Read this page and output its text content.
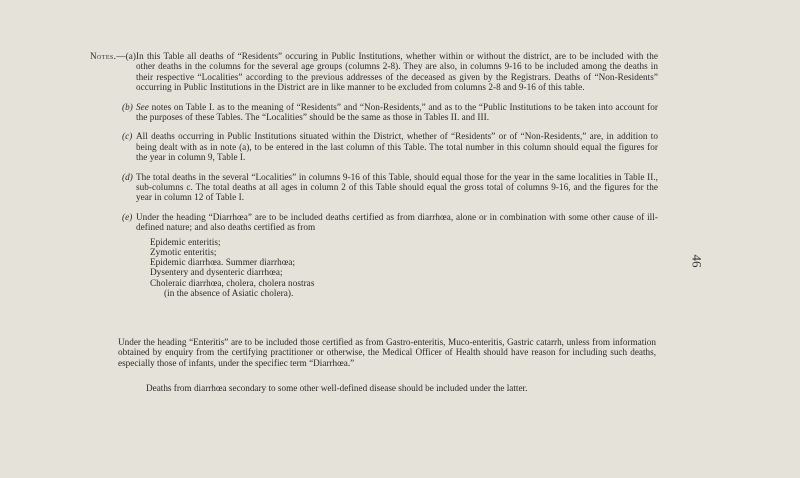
Notes.—(a) In this Table all deaths of “Residents” occuring in Public Institutions, whether within or without the district, are to be included with the other deaths in the columns for the several age groups (columns 2-8). They are also, in columns 9-16 to be included among the deaths in their respective “Localities” according to the previous addresses of the deceased as given by the Registrars. Deaths of “Non-Residents” occurring in Public Institutions in the District are in like manner to be excluded from columns 2-8 and 9-16 of this table.
(b) See notes on Table I. as to the meaning of “Residents” and “Non-Residents,” and as to the “Public Institutions to be taken into account for the purposes of these Tables. The “Localities” should be the same as those in Tables II. and III.
(c) All deaths occurring in Public Institutions situated within the District, whether of “Residents” or of “Non-Residents,” are, in addition to being dealt with as in note (a), to be entered in the last column of this Table. The total number in this column should equal the figures for the year in column 9, Table I.
(d) The total deaths in the several “Localities” in columns 9-16 of this Table, should equal those for the year in the same localities in Table II., sub-columns c. The total deaths at all ages in column 2 of this Table should equal the gross total of columns 9-16, and the figures for the year in column 12 of Table I.
(e) Under the heading “Diarrhœa” are to be included deaths certified as from diarrhœa, alone or in combination with some other cause of ill-defined nature; and also deaths certified as from
Epidemic enteritis;
Zymotic enteritis;
Epidemic diarrhœa. Summer diarrhœa;
Dysentery and dysenteric diarrhœa;
Choleraic diarrhœa, cholera, cholera nostras
(in the absence of Asiatic cholera).
Under the heading “Enteritis” are to be included those certified as from Gastro-enteritis, Muco-enteritis, Gastric catarrh, unless from information obtained by enquiry from the certifying practitioner or otherwise, the Medical Officer of Health should have reason for including such deaths, especially those of infants, under the specifiec term “Diarrhœa.”
Deaths from diarrhœa secondary to some other well-defined disease should be included under the latter.
46
